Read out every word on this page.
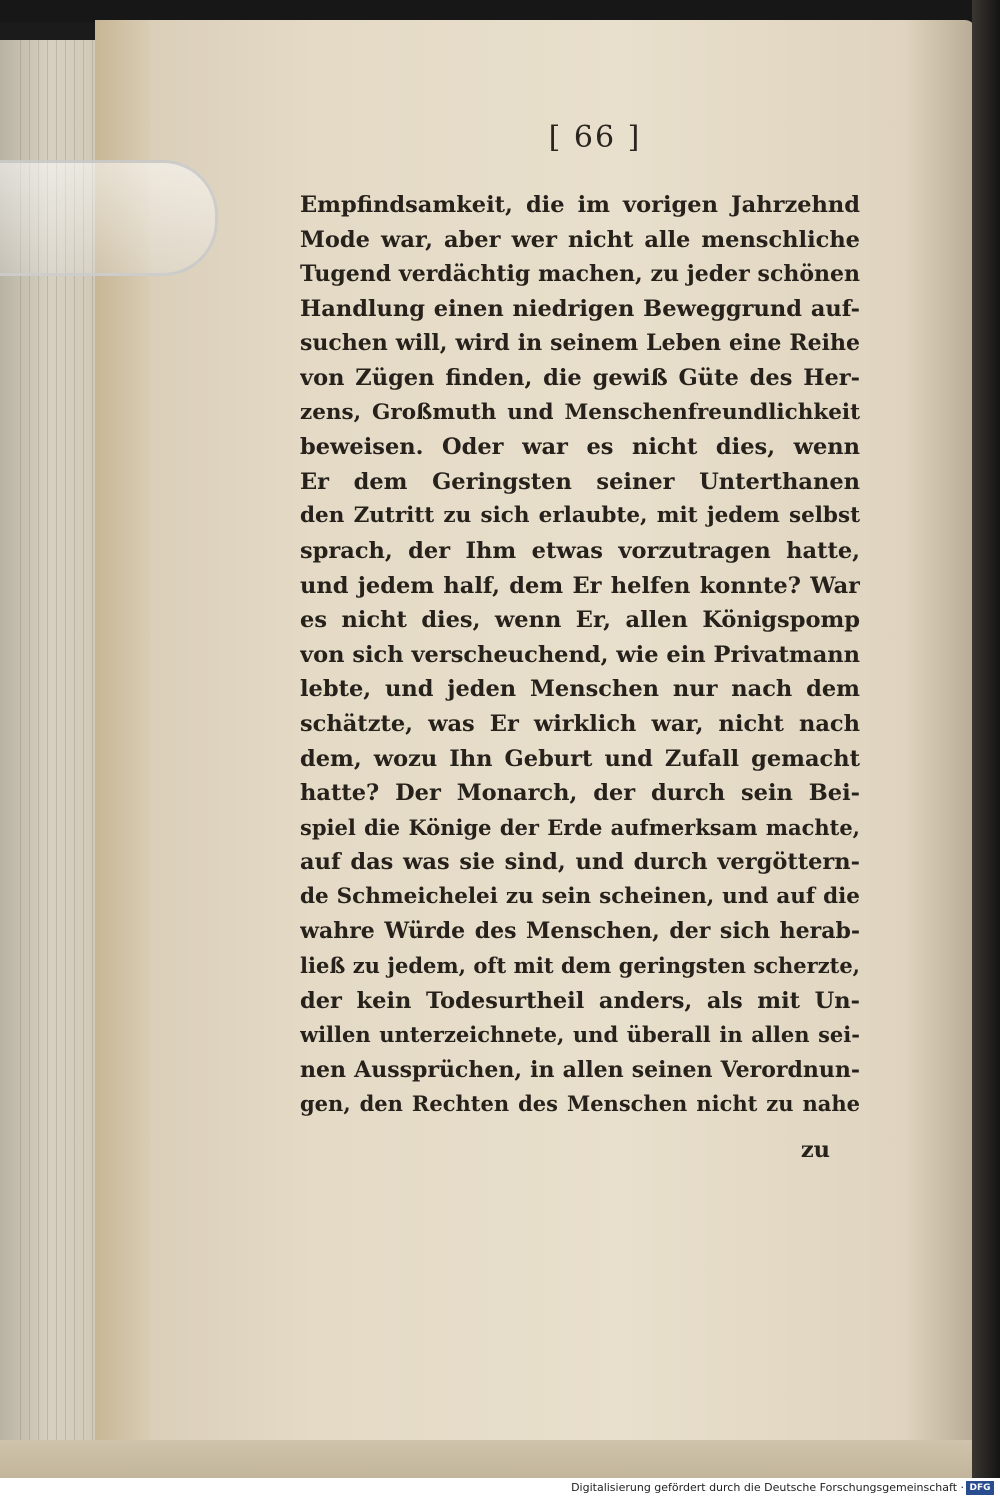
[ 66 ]
Empfindsamkeit, die im vorigen Jahrzehnd
Mode war, aber wer nicht alle menschliche
Tugend verdächtig machen, zu jeder schönen
Handlung einen niedrigen Beweggrund auf-
suchen will, wird in seinem Leben eine Reihe
von Zügen finden, die gewiß Güte des Her-
zens, Großmuth und Menschenfreundlichkeit
beweisen. Oder war es nicht dies, wenn
Er dem Geringsten seiner Unterthanen
den Zutritt zu sich erlaubte, mit jedem selbst
sprach, der Ihm etwas vorzutragen hatte,
und jedem half, dem Er helfen konnte? War
es nicht dies, wenn Er, allen Königspomp
von sich verscheuchend, wie ein Privatmann
lebte, und jeden Menschen nur nach dem
schätzte, was Er wirklich war, nicht nach
dem, wozu Ihn Geburt und Zufall gemacht
hatte? Der Monarch, der durch sein Bei-
spiel die Könige der Erde aufmerksam machte,
auf das was sie sind, und durch vergöttern-
de Schmeichelei zu sein scheinen, und auf die
wahre Würde des Menschen, der sich herab-
ließ zu jedem, oft mit dem geringsten scherzte,
der kein Todesurtheil anders, als mit Un-
willen unterzeichnete, und überall in allen sei-
nen Aussprüchen, in allen seinen Verordnun-
gen, den Rechten des Menschen nicht zu nahe
zu
Digitalisierung gefördert durch die Deutsche Forschungsgemeinschaft · DFG
